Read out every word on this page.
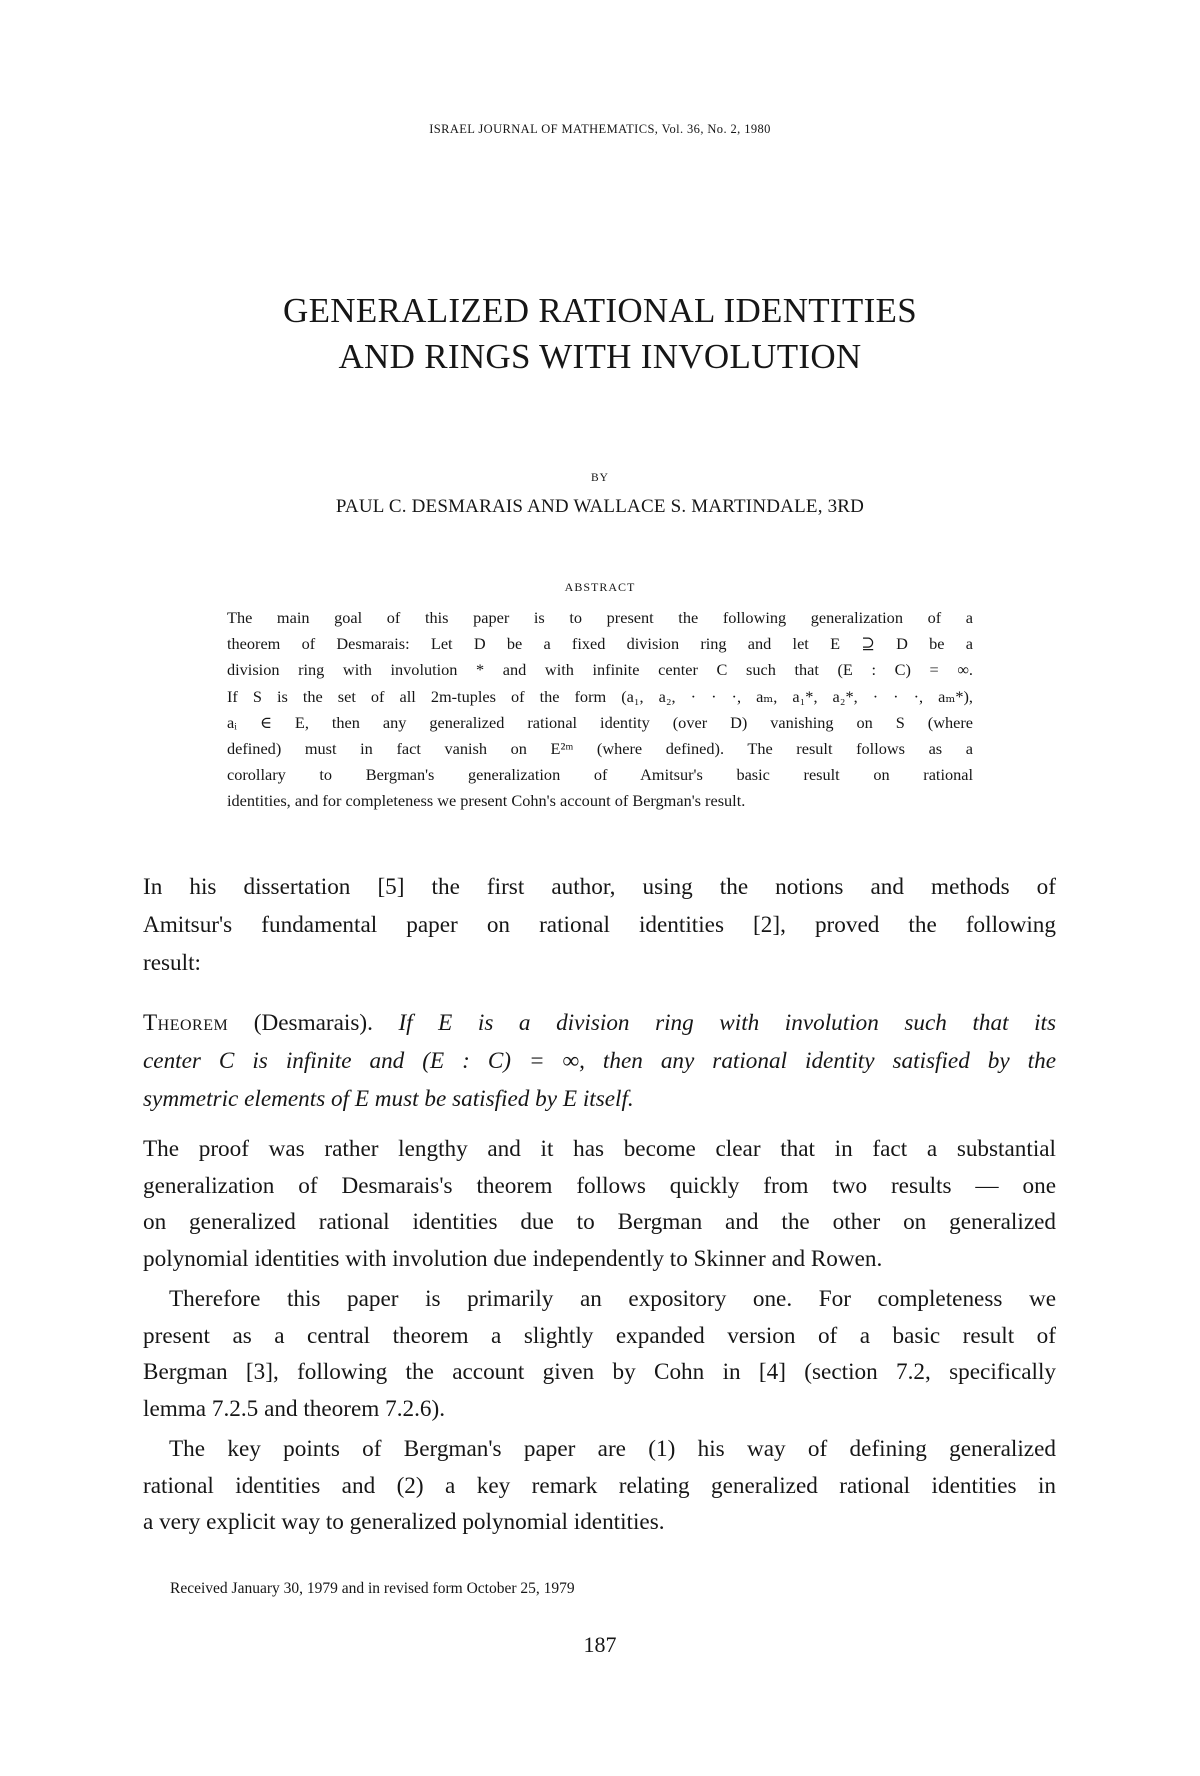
ISRAEL JOURNAL OF MATHEMATICS, Vol. 36, No. 2, 1980
GENERALIZED RATIONAL IDENTITIES
AND RINGS WITH INVOLUTION
BY
PAUL C. DESMARAIS AND WALLACE S. MARTINDALE, 3RD
ABSTRACT
The main goal of this paper is to present the following generalization of a
theorem of Desmarais: Let D be a fixed division ring and let E ⊇ D be a
division ring with involution * and with infinite center C such that (E : C) = ∞.
If S is the set of all 2m-tuples of the form (a₁, a₂, · · ·, aₘ, a₁*, a₂*, · · ·, aₘ*),
aᵢ ∈ E, then any generalized rational identity (over D) vanishing on S (where
defined) must in fact vanish on E²ᵐ (where defined). The result follows as a
corollary to Bergman's generalization of Amitsur's basic result on rational
identities, and for completeness we present Cohn's account of Bergman's result.
In his dissertation [5] the first author, using the notions and methods of
Amitsur's fundamental paper on rational identities [2], proved the following
result:
Theorem (Desmarais). If E is a division ring with involution such that its
center C is infinite and (E : C) = ∞, then any rational identity satisfied by the
symmetric elements of E must be satisfied by E itself.
The proof was rather lengthy and it has become clear that in fact a substantial
generalization of Desmarais's theorem follows quickly from two results — one
on generalized rational identities due to Bergman and the other on generalized
polynomial identities with involution due independently to Skinner and Rowen.
Therefore this paper is primarily an expository one. For completeness we
present as a central theorem a slightly expanded version of a basic result of
Bergman [3], following the account given by Cohn in [4] (section 7.2, specifically
lemma 7.2.5 and theorem 7.2.6).
The key points of Bergman's paper are (1) his way of defining generalized
rational identities and (2) a key remark relating generalized rational identities in
a very explicit way to generalized polynomial identities.
Received January 30, 1979 and in revised form October 25, 1979
187
